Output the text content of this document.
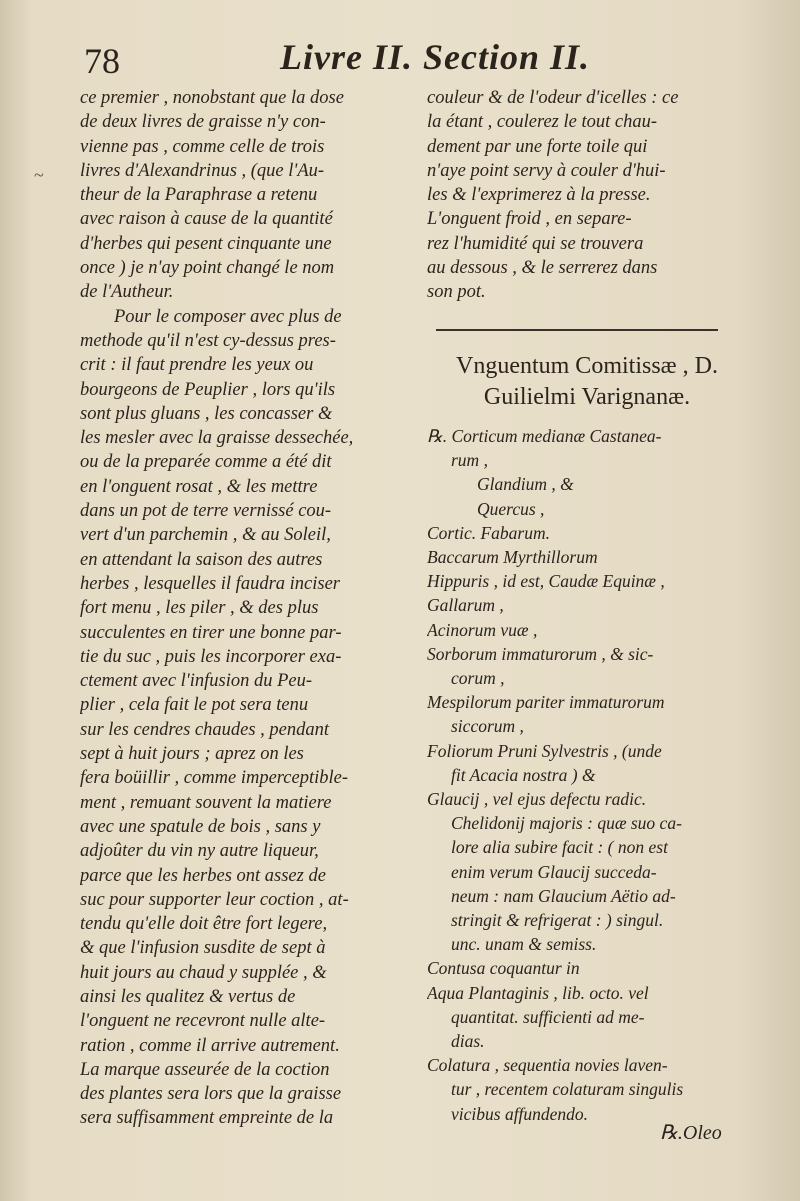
~
78	Livre II. Section II.
ce premier , nonobstant que la dose
de deux livres de graisse n'y con-
vienne pas , comme celle de trois
livres d'Alexandrinus , (que l'Au-
theur de la Paraphrase a retenu
avec raison à cause de la quantité
d'herbes qui pesent cinquante une
once ) je n'ay point changé le nom
de l'Autheur.
Pour le composer avec plus de
methode qu'il n'est cy-dessus pres-
crit : il faut prendre les yeux ou
bourgeons de Peuplier , lors qu'ils
sont plus gluans , les concasser &
les mesler avec la graisse dessechée,
ou de la preparée comme a été dit
en l'onguent rosat , & les mettre
dans un pot de terre vernissé cou-
vert d'un parchemin , & au Soleil,
en attendant la saison des autres
herbes , lesquelles il faudra inciser
fort menu , les piler , & des plus
succulentes en tirer une bonne par-
tie du suc , puis les incorporer exa-
ctement avec l'infusion du Peu-
plier , cela fait le pot sera tenu
sur les cendres chaudes , pendant
sept à huit jours ; aprez on les
fera boüillir , comme imperceptible-
ment , remuant souvent la matiere
avec une spatule de bois , sans y
adjoûter du vin ny autre liqueur,
parce que les herbes ont assez de
suc pour supporter leur coction , at-
tendu qu'elle doit être fort legere,
& que l'infusion susdite de sept à
huit jours au chaud y supplée , &
ainsi les qualitez & vertus de
l'onguent ne recevront nulle alte-
ration , comme il arrive autrement.
La marque asseurée de la coction
des plantes sera lors que la graisse
sera suffisamment empreinte de la
couleur & de l'odeur d'icelles : ce
la étant , coulerez le tout chau-
dement par une forte toile qui
n'aye point servy à couler d'hui-
les & l'exprimerez à la presse.
L'onguent froid , en separe-
rez l'humidité qui se trouvera
au dessous , & le serrerez dans
son pot.
Vnguentum Comitissæ , D.
Guilielmi Varignanæ.
℞. Corticum medianæ Castanea-
rum ,
Glandium , &
Quercus ,
Cortic. Fabarum.
Baccarum Myrthillorum
Hippuris , id est, Caudæ Equinæ ,
Gallarum ,
Acinorum vuæ ,
Sorborum immaturorum , & sic-
corum ,
Mespilorum pariter immaturorum
siccorum ,
Foliorum Pruni Sylvestris , (unde
fit Acacia nostra ) &
Glaucij , vel ejus defectu radic.
Chelidonij majoris : quæ suo ca-
lore alia subire facit : ( non est
enim verum Glaucij succeda-
neum : nam Glaucium Aëtio ad-
stringit & refrigerat : ) singul.
unc. unam & semiss.
Contusa coquantur in
Aqua Plantaginis , lib. octo. vel
quantitat. sufficienti ad me-
dias.
Colatura , sequentia novies laven-
tur , recentem colaturam singulis
vicibus affundendo.
℞.Oleo
